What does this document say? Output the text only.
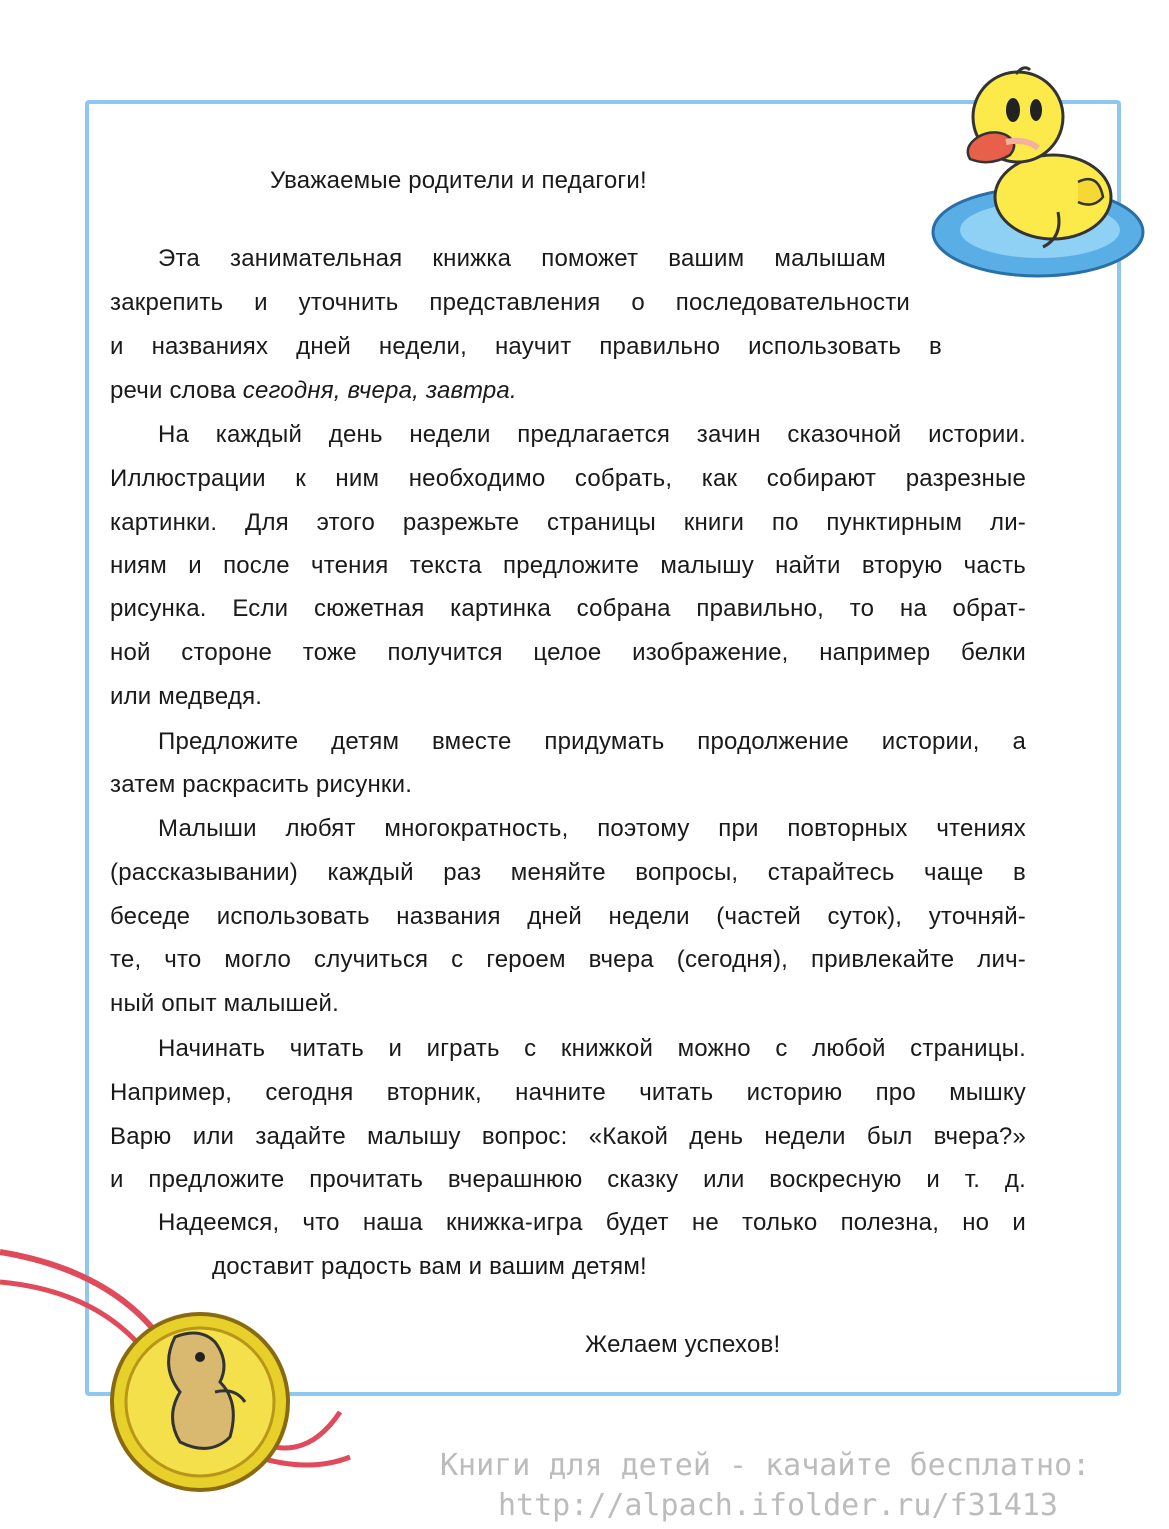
Уважаемые родители и педагоги!
Эта занимательная книжка поможет вашим малышам
закрепить и уточнить представления о последовательности
и названиях дней недели, научит правильно использовать в
речи слова сегодня, вчера, завтра.
На каждый день недели предлагается зачин сказочной истории.
Иллюстрации к ним необходимо собрать, как собирают разрезные
картинки. Для этого разрежьте страницы книги по пунктирным ли-
ниям и после чтения текста предложите малышу найти вторую часть
рисунка. Если сюжетная картинка собрана правильно, то на обрат-
ной стороне тоже получится целое изображение, например белки
или медведя.
Предложите детям вместе придумать продолжение истории, а
затем раскрасить рисунки.
Малыши любят многократность, поэтому при повторных чтениях
(рассказывании) каждый раз меняйте вопросы, старайтесь чаще в
беседе использовать названия дней недели (частей суток), уточняй-
те, что могло случиться с героем вчера (сегодня), привлекайте лич-
ный опыт малышей.
Начинать читать и играть с книжкой можно с любой страницы.
Например, сегодня вторник, начните читать историю про мышку
Варю или задайте малышу вопрос: «Какой день недели был вчера?»
и предложите прочитать вчерашнюю сказку или воскресную и т. д.
Надеемся, что наша книжка-игра будет не только полезна, но и
доставит радость вам и вашим детям!
Желаем успехов!
Книги для детей - качайте бесплатно:
http://alpach.ifolder.ru/f31413
